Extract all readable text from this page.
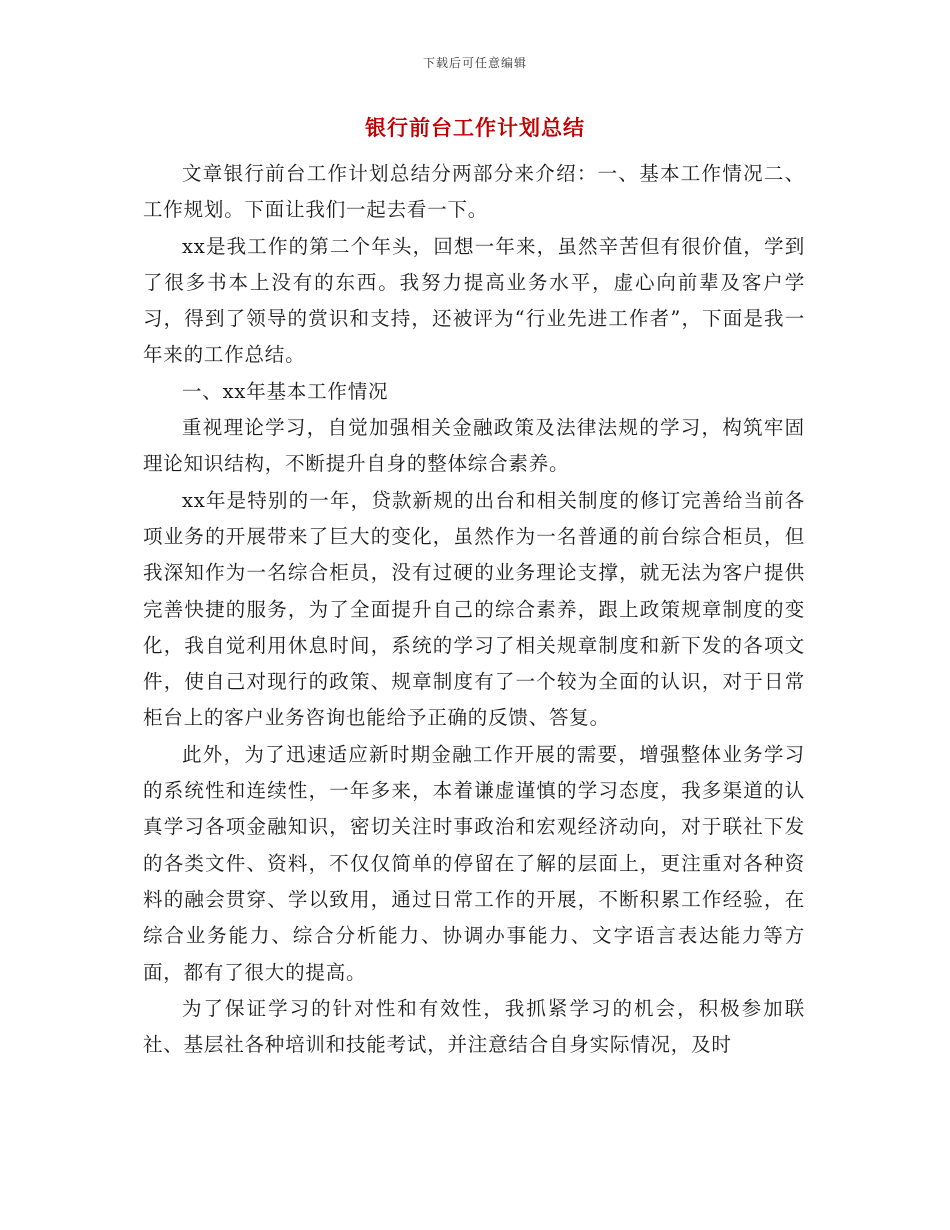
下载后可任意编辑
银行前台工作计划总结

文章银行前台工作计划总结分两部分来介绍：一、基本工作情况二、工作规划。下面让我们一起去看一下。

xx是我工作的第二个年头，回想一年来，虽然辛苦但有很价值，学到了很多书本上没有的东西。我努力提高业务水平，虚心向前辈及客户学习，得到了领导的赏识和支持，还被评为“行业先进工作者”，下面是我一年来的工作总结。

一、xx年基本工作情况

重视理论学习，自觉加强相关金融政策及法律法规的学习，构筑牢固理论知识结构，不断提升自身的整体综合素养。

xx年是特别的一年，贷款新规的出台和相关制度的修订完善给当前各项业务的开展带来了巨大的变化，虽然作为一名普通的前台综合柜员，但我深知作为一名综合柜员，没有过硬的业务理论支撑，就无法为客户提供完善快捷的服务，为了全面提升自己的综合素养，跟上政策规章制度的变化，我自觉利用休息时间，系统的学习了相关规章制度和新下发的各项文件，使自己对现行的政策、规章制度有了一个较为全面的认识，对于日常柜台上的客户业务咨询也能给予正确的反馈、答复。

此外，为了迅速适应新时期金融工作开展的需要，增强整体业务学习的系统性和连续性，一年多来，本着谦虚谨慎的学习态度，我多渠道的认真学习各项金融知识，密切关注时事政治和宏观经济动向，对于联社下发的各类文件、资料，不仅仅简单的停留在了解的层面上，更注重对各种资料的融会贯穿、学以致用，通过日常工作的开展，不断积累工作经验，在综合业务能力、综合分析能力、协调办事能力、文字语言表达能力等方面，都有了很大的提高。

为了保证学习的针对性和有效性，我抓紧学习的机会，积极参加联社、基层社各种培训和技能考试，并注意结合自身实际情况，及时
